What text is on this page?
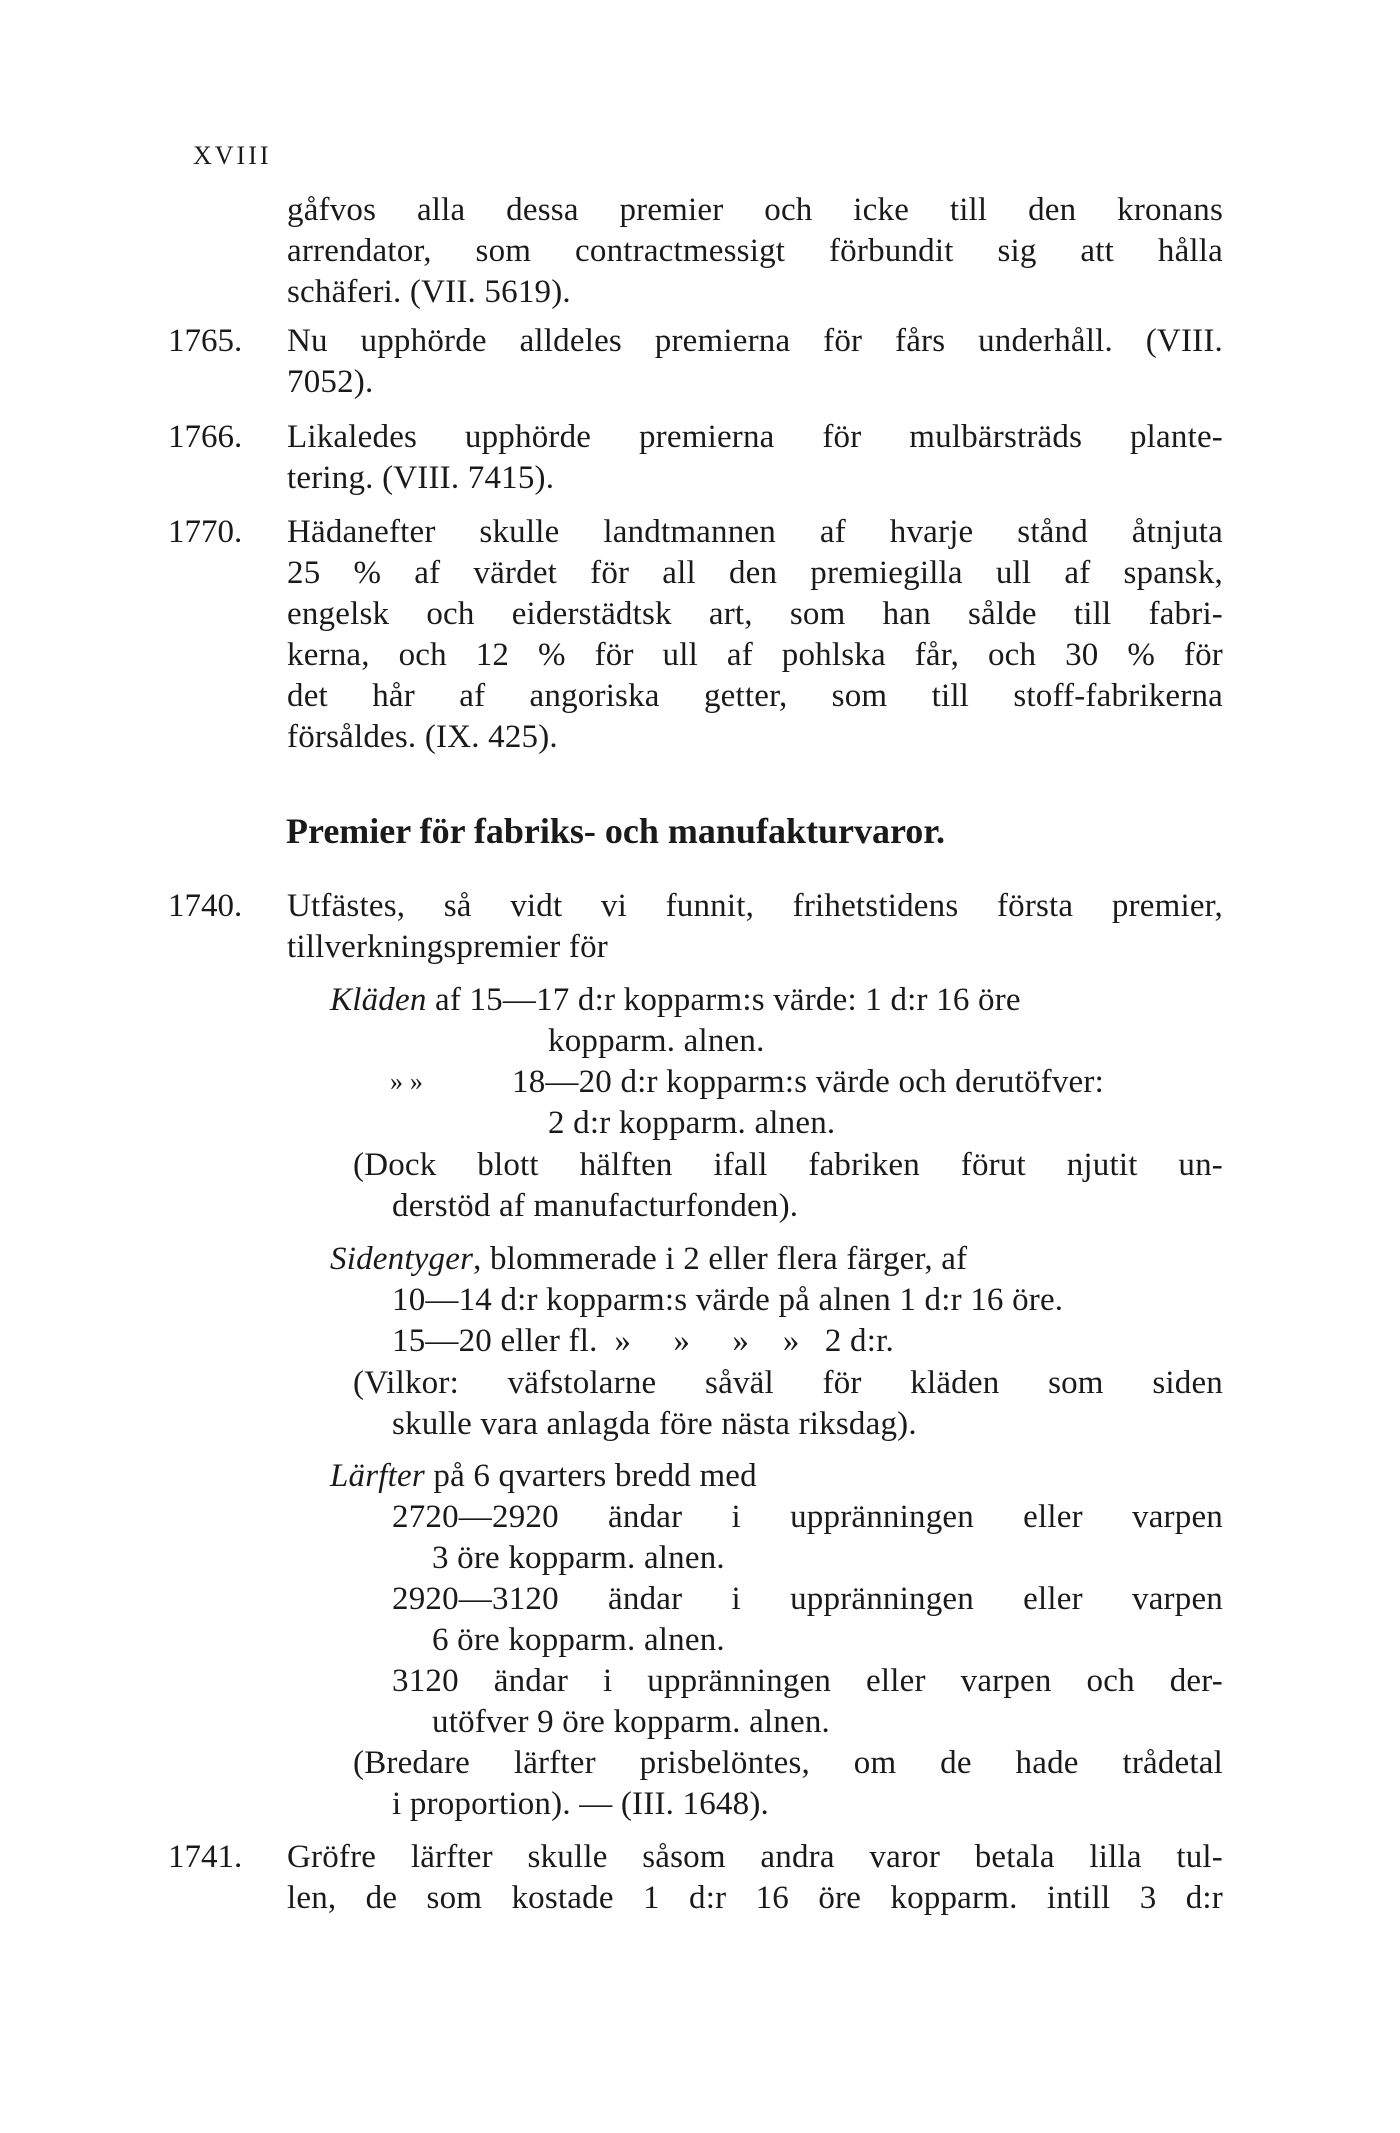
XVIII
gåfvos alla dessa premier och icke till den kronans
arrendator, som contractmessigt förbundit sig att hålla
schäferi. (VII. 5619).
1765. Nu upphörde alldeles premierna för fårs underhåll. (VIII.
7052).
1766. Likaledes upphörde premierna för mulbärsträds plante-
tering. (VIII. 7415).
1770. Hädanefter skulle landtmannen af hvarje stånd åtnjuta
25 % af värdet för all den premiegilla ull af spansk,
engelsk och eiderstädtsk art, som han sålde till fabri-
kerna, och 12 % för ull af pohlska får, och 30 % för
det hår af angoriska getter, som till stoff-fabrikerna
försåldes. (IX. 425).
Premier för fabriks- och manufakturvaror.
1740. Utfästes, så vidt vi funnit, frihetstidens första premier,
tillverkningspremier för
Kläden af 15—17 d:r kopparm:s värde: 1 d:r 16 öre
kopparm. alnen.
» »	18—20 d:r kopparm:s värde och derutöfver:
2 d:r kopparm. alnen.
(Dock blott hälften ifall fabriken förut njutit un-
derstöd af manufacturfonden).
Sidentyger, blommerade i 2 eller flera färger, af
10—14 d:r kopparm:s värde på alnen 1 d:r 16 öre.
15—20 eller fl.  »     »     »    »   2 d:r.
(Vilkor: väfstolarne såväl för kläden som siden
skulle vara anlagda före nästa riksdag).
Lärfter på 6 qvarters bredd med
2720—2920 ändar i uppränningen eller varpen
3 öre kopparm. alnen.
2920—3120 ändar i uppränningen eller varpen
6 öre kopparm. alnen.
3120 ändar i uppränningen eller varpen och der-
utöfver 9 öre kopparm. alnen.
(Bredare lärfter prisbelöntes, om de hade trådetal
i proportion). — (III. 1648).
1741. Gröfre lärfter skulle såsom andra varor betala lilla tul-
len, de som kostade 1 d:r 16 öre kopparm. intill 3 d:r
